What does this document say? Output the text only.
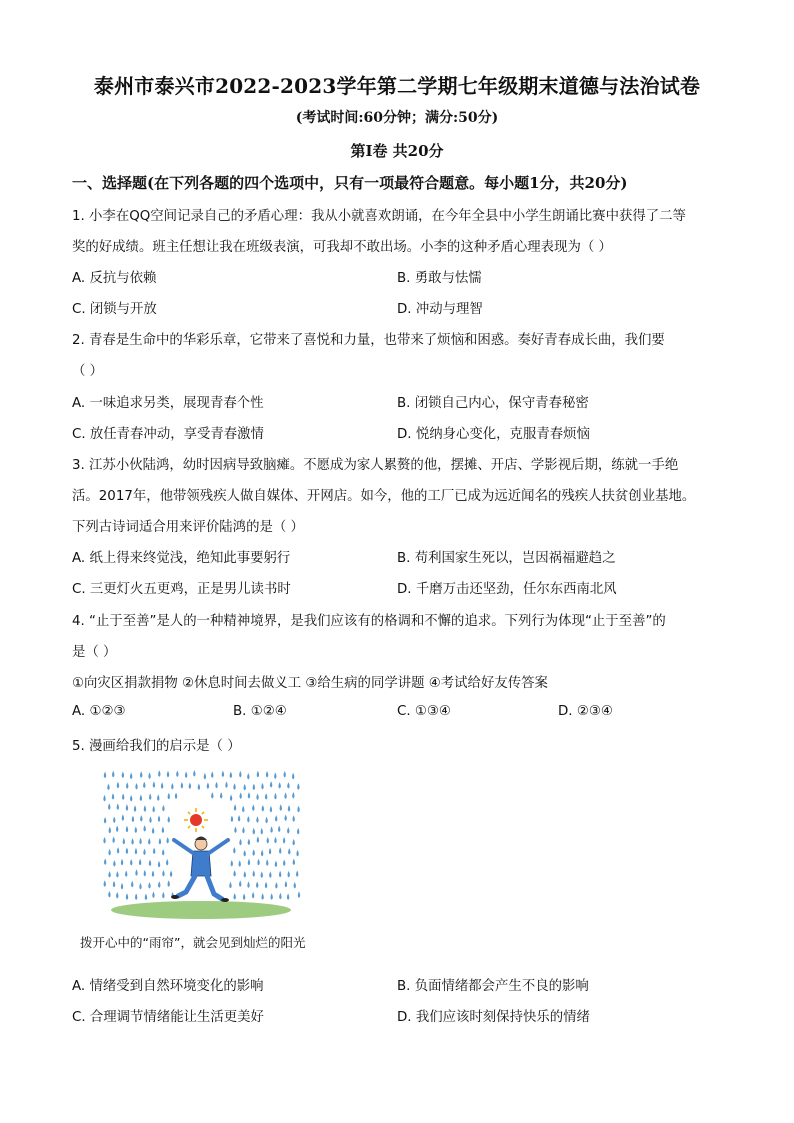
泰州市泰兴市2022-2023学年第二学期七年级期末道德与法治试卷
(考试时间:60分钟；满分:50分)
第Ⅰ卷 共20分
一、选择题(在下列各题的四个选项中，只有一项最符合题意。每小题1分，共20分)
1. 小李在QQ空间记录自己的矛盾心理：我从小就喜欢朗诵，在今年全县中小学生朗诵比赛中获得了二等
奖的好成绩。班主任想让我在班级表演，可我却不敢出场。小李的这种矛盾心理表现为（ ）
A. 反抗与依赖	B. 勇敢与怯懦
C. 闭锁与开放	D. 冲动与理智
2. 青春是生命中的华彩乐章，它带来了喜悦和力量，也带来了烦恼和困惑。奏好青春成长曲，我们要
（ ）
A. 一味追求另类，展现青春个性	B. 闭锁自己内心，保守青春秘密
C. 放任青春冲动，享受青春激情	D. 悦纳身心变化，克服青春烦恼
3. 江苏小伙陆鸿，幼时因病导致脑瘫。不愿成为家人累赘的他，摆摊、开店、学影视后期，练就一手绝
活。2017年，他带领残疾人做自媒体、开网店。如今，他的工厂已成为远近闻名的残疾人扶贫创业基地。
下列古诗词适合用来评价陆鸿的是（ ）
A. 纸上得来终觉浅，绝知此事要躬行	B. 苟利国家生死以，岂因祸福避趋之
C. 三更灯火五更鸡，正是男儿读书时	D. 千磨万击还坚劲，任尔东西南北风
4. “止于至善”是人的一种精神境界，是我们应该有的格调和不懈的追求。下列行为体现“止于至善”的
是（ ）
①向灾区捐款捐物 ②休息时间去做义工 ③给生病的同学讲题 ④考试给好友传答案
A. ①②③	B. ①②④	C. ①③④	D. ②③④
5. 漫画给我们的启示是（ ）
拨开心中的“雨帘”，就会见到灿烂的阳光
A. 情绪受到自然环境变化的影响	B. 负面情绪都会产生不良的影响
C. 合理调节情绪能让生活更美好	D. 我们应该时刻保持快乐的情绪
